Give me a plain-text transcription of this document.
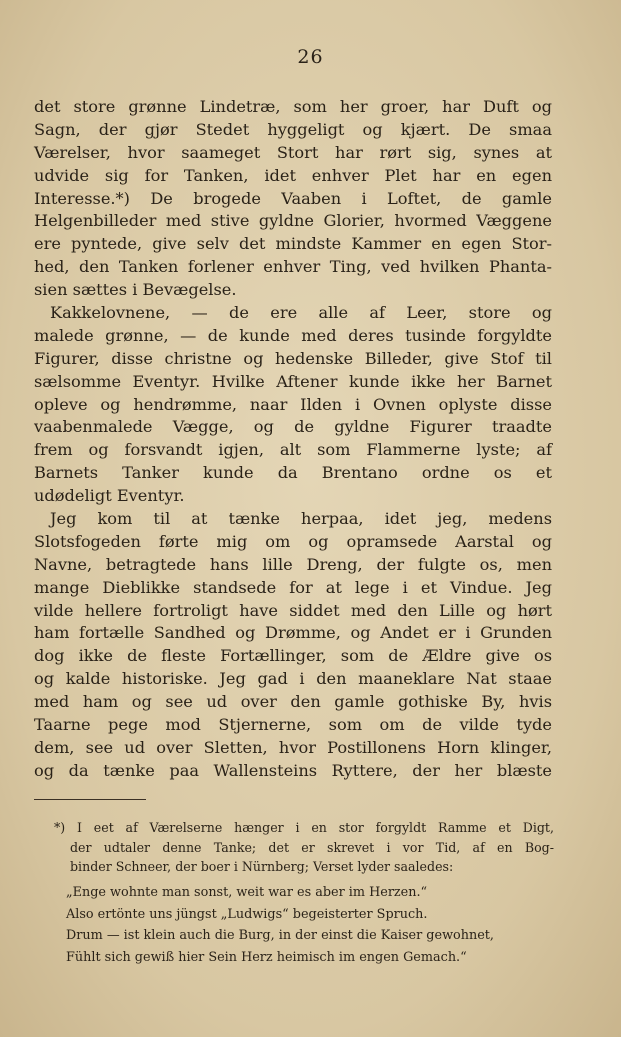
26
det store grønne Lindetræ, som her groer, har Duft og
Sagn, der gjør Stedet hyggeligt og kjært. De smaa
Værelser, hvor saameget Stort har rørt sig, synes at
udvide sig for Tanken, idet enhver Plet har en egen
Interesse.*) De brogede Vaaben i Loftet, de gamle
Helgenbilleder med stive gyldne Glorier, hvormed Væggene
ere pyntede, give selv det mindste Kammer en egen Stor-
hed, den Tanken forlener enhver Ting, ved hvilken Phanta-
sien sættes i Bevægelse.
Kakkelovnene, — de ere alle af Leer, store og
malede grønne, — de kunde med deres tusinde forgyldte
Figurer, disse christne og hedenske Billeder, give Stof til
sælsomme Eventyr. Hvilke Aftener kunde ikke her Barnet
opleve og hendrømme, naar Ilden i Ovnen oplyste disse
vaabenmalede Vægge, og de gyldne Figurer traadte
frem og forsvandt igjen, alt som Flammerne lyste; af
Barnets Tanker kunde da Brentano ordne os et
udødeligt Eventyr.
Jeg kom til at tænke herpaa, idet jeg, medens
Slotsfogeden førte mig om og opramsede Aarstal og
Navne, betragtede hans lille Dreng, der fulgte os, men
mange Dieblikke standsede for at lege i et Vindue. Jeg
vilde hellere fortroligt have siddet med den Lille og hørt
ham fortælle Sandhed og Drømme, og Andet er i Grunden
dog ikke de fleste Fortællinger, som de Ældre give os
og kalde historiske. Jeg gad i den maaneklare Nat staae
med ham og see ud over den gamle gothiske By, hvis
Taarne pege mod Stjernerne, som om de vilde tyde
dem, see ud over Sletten, hvor Postillonens Horn klinger,
og da tænke paa Wallensteins Ryttere, der her blæste
*) I eet af Værelserne hænger i en stor forgyldt Ramme et Digt,
der udtaler denne Tanke; det er skrevet i vor Tid, af en Bog-
binder Schneer, der boer i Nürnberg; Verset lyder saaledes:
„Enge wohnte man sonst, weit war es aber im Herzen.“
Also ertönte uns jüngst „Ludwigs“ begeisterter Spruch.
Drum — ist klein auch die Burg, in der einst die Kaiser gewohnet,
Fühlt sich gewiß hier Sein Herz heimisch im engen Gemach.“
